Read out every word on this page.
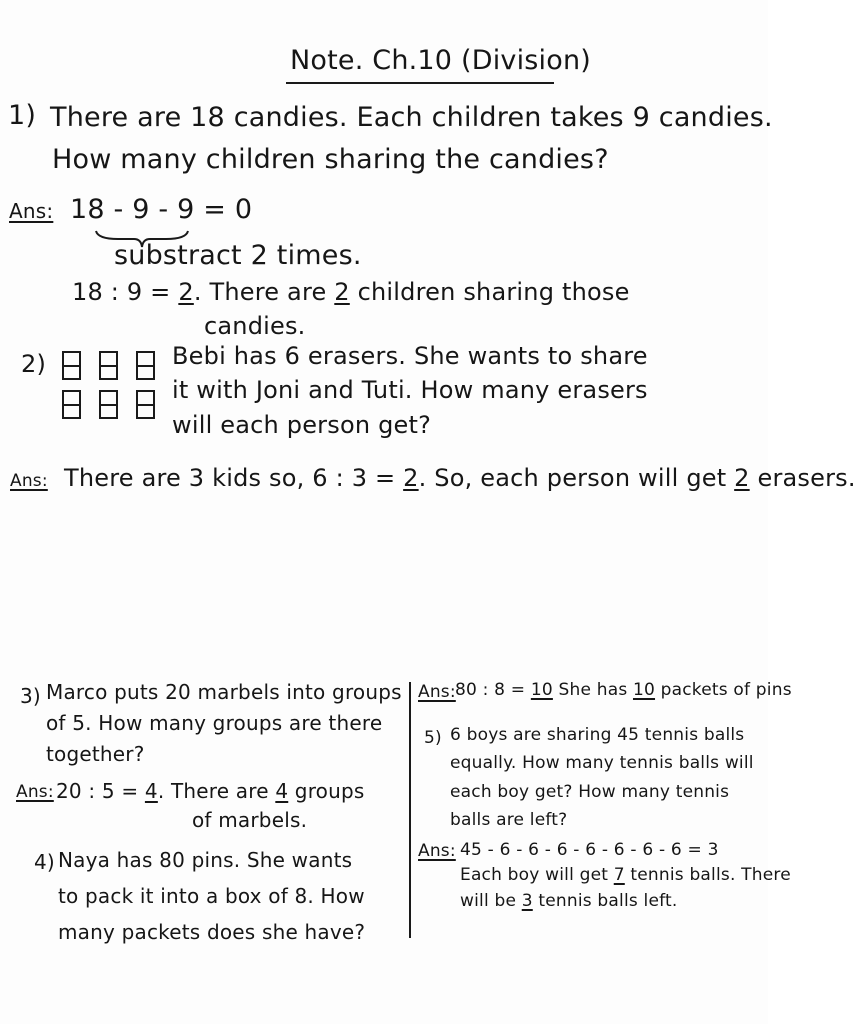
Note. Ch.10 (Division)
1) There are 18 candies. Each children takes 9 candies.
How many children sharing the candies?
Ans: 18 - 9 - 9 = 0
substract 2 times.
18 : 9 = 2. There are 2 children sharing those
candies.
2)	Bebi has 6 erasers. She wants to share
it with Joni and Tuti. How many erasers
will each person get?
Ans: There are 3 kids so, 6 : 3 = 2. So, each person will get 2 erasers.
3) Marco puts 20 marbels into groups
of 5. How many groups are there
together?
Ans: 20 : 5 = 4. There are 4 groups
of marbels.
4) Naya has 80 pins. She wants
to pack it into a box of 8. How
many packets does she have?
Ans: 80 : 8 = 10 She has 10 packets of pins
5) 6 boys are sharing 45 tennis balls
equally. How many tennis balls will
each boy get? How many tennis
balls are left?
Ans: 45 - 6 - 6 - 6 - 6 - 6 - 6 - 6 = 3
Each boy will get 7 tennis balls. There
will be 3 tennis balls left.
